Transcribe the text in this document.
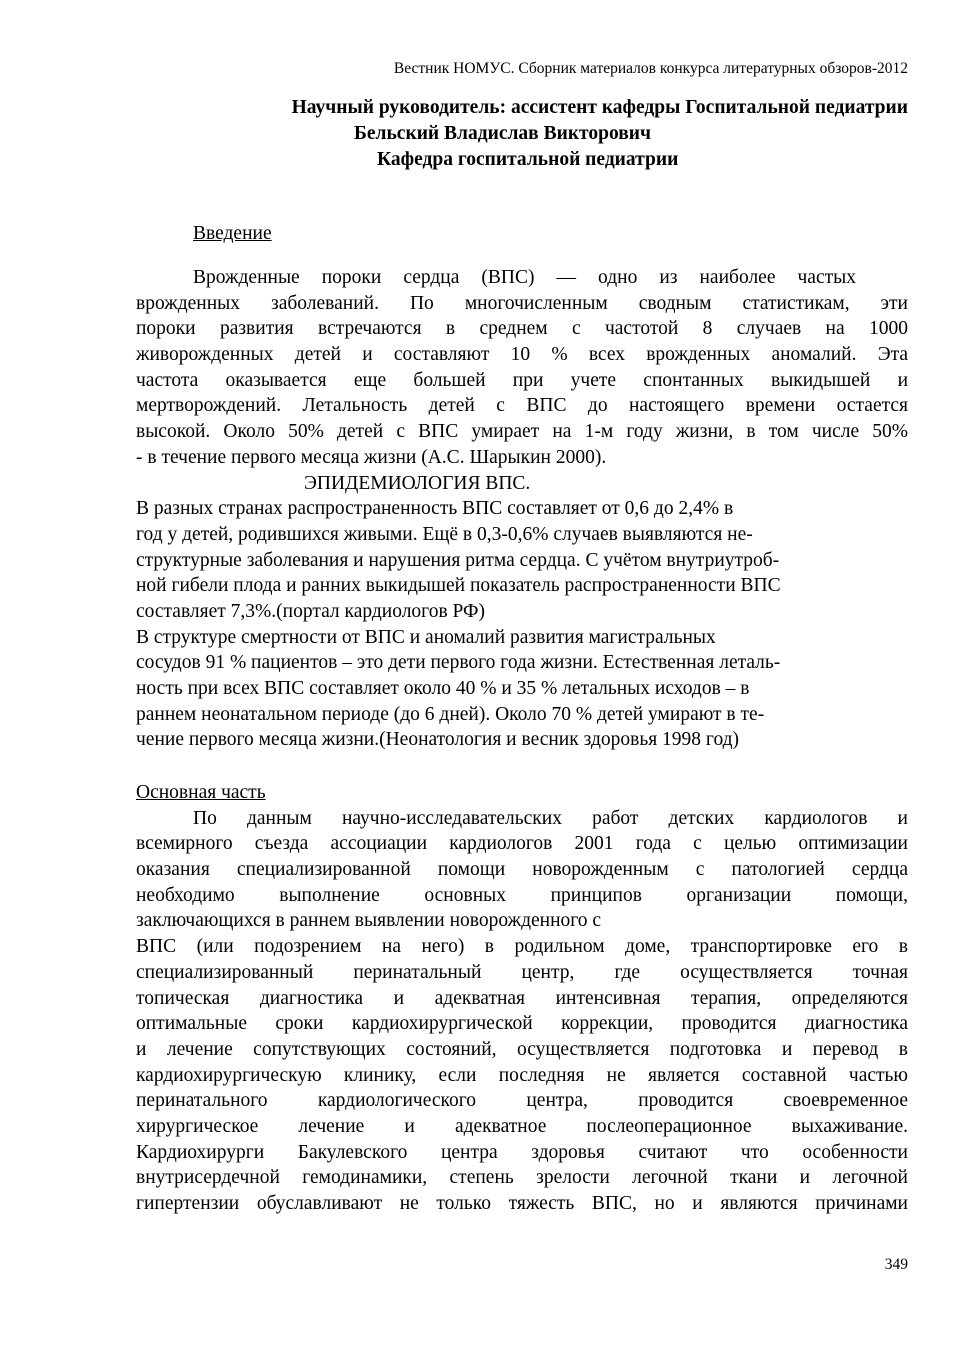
Вестник НОМУС. Сборник материалов конкурса литературных обзоров-2012
Научный руководитель: ассистент кафедры Госпитальной педиатрии
Бельский Владислав Викторович
Кафедра госпитальной педиатрии
Введение
Врожденные пороки сердца (ВПС) — одно из наиболее частых
врожденных заболеваний. По многочисленным сводным статистикам, эти
пороки развития встречаются в среднем с частотой 8 случаев на 1000
живорожденных детей и составляют 10 % всех врожденных аномалий. Эта
частота оказывается еще большей при учете спонтанных выкидышей и
мертворождений. Летальность детей с ВПС до настоящего времени остается
высокой. Около 50% детей с ВПС умирает на 1-м году жизни, в том числе 50%
- в течение первого месяца жизни (А.С. Шарыкин 2000).
ЭПИДЕМИОЛОГИЯ ВПС.
В разных странах распространенность ВПС составляет от 0,6 до 2,4% в
год у детей, родившихся живыми. Ещё в 0,3-0,6% случаев выявляются не-
структурные заболевания и нарушения ритма сердца. С учётом внутриутроб-
ной гибели плода и ранних выкидышей показатель распространенности ВПС
составляет 7,3%.(портал кардиологов РФ)
В структуре смертности от ВПС и аномалий развития магистральных
сосудов 91 % пациентов – это дети первого года жизни. Естественная леталь-
ность при всех ВПС составляет около 40 % и 35 % летальных исходов – в
раннем неонатальном периоде (до 6 дней). Около 70 % детей умирают в те-
чение первого месяца жизни.(Неонатология и весник здоровья 1998 год)
Основная часть
По данным научно-исследавательских работ детских кардиологов и
всемирного съезда ассоциации кардиологов 2001 года с целью оптимизации
оказания специализированной помощи новорожденным с патологией сердца
необходимо выполнение основных принципов организации помощи,
заключающихся в раннем выявлении новорожденного с
ВПС (или подозрением на него) в родильном доме, транспортировке его в
специализированный перинатальный центр, где осуществляется точная
топическая диагностика и адекватная интенсивная терапия, определяются
оптимальные сроки кардиохирургической коррекции, проводится диагностика
и лечение сопутствующих состояний, осуществляется подготовка и перевод в
кардиохирургическую клинику, если последняя не является составной частью
перинатального кардиологического центра, проводится своевременное
хирургическое лечение и адекватное послеоперационное выхаживание.
Кардиохирурги Бакулевского центра здоровья считают что особенности
внутрисердечной гемодинамики, степень зрелости легочной ткани и легочной
гипертензии обуславливают не только тяжесть ВПС, но и являются причинами
349
